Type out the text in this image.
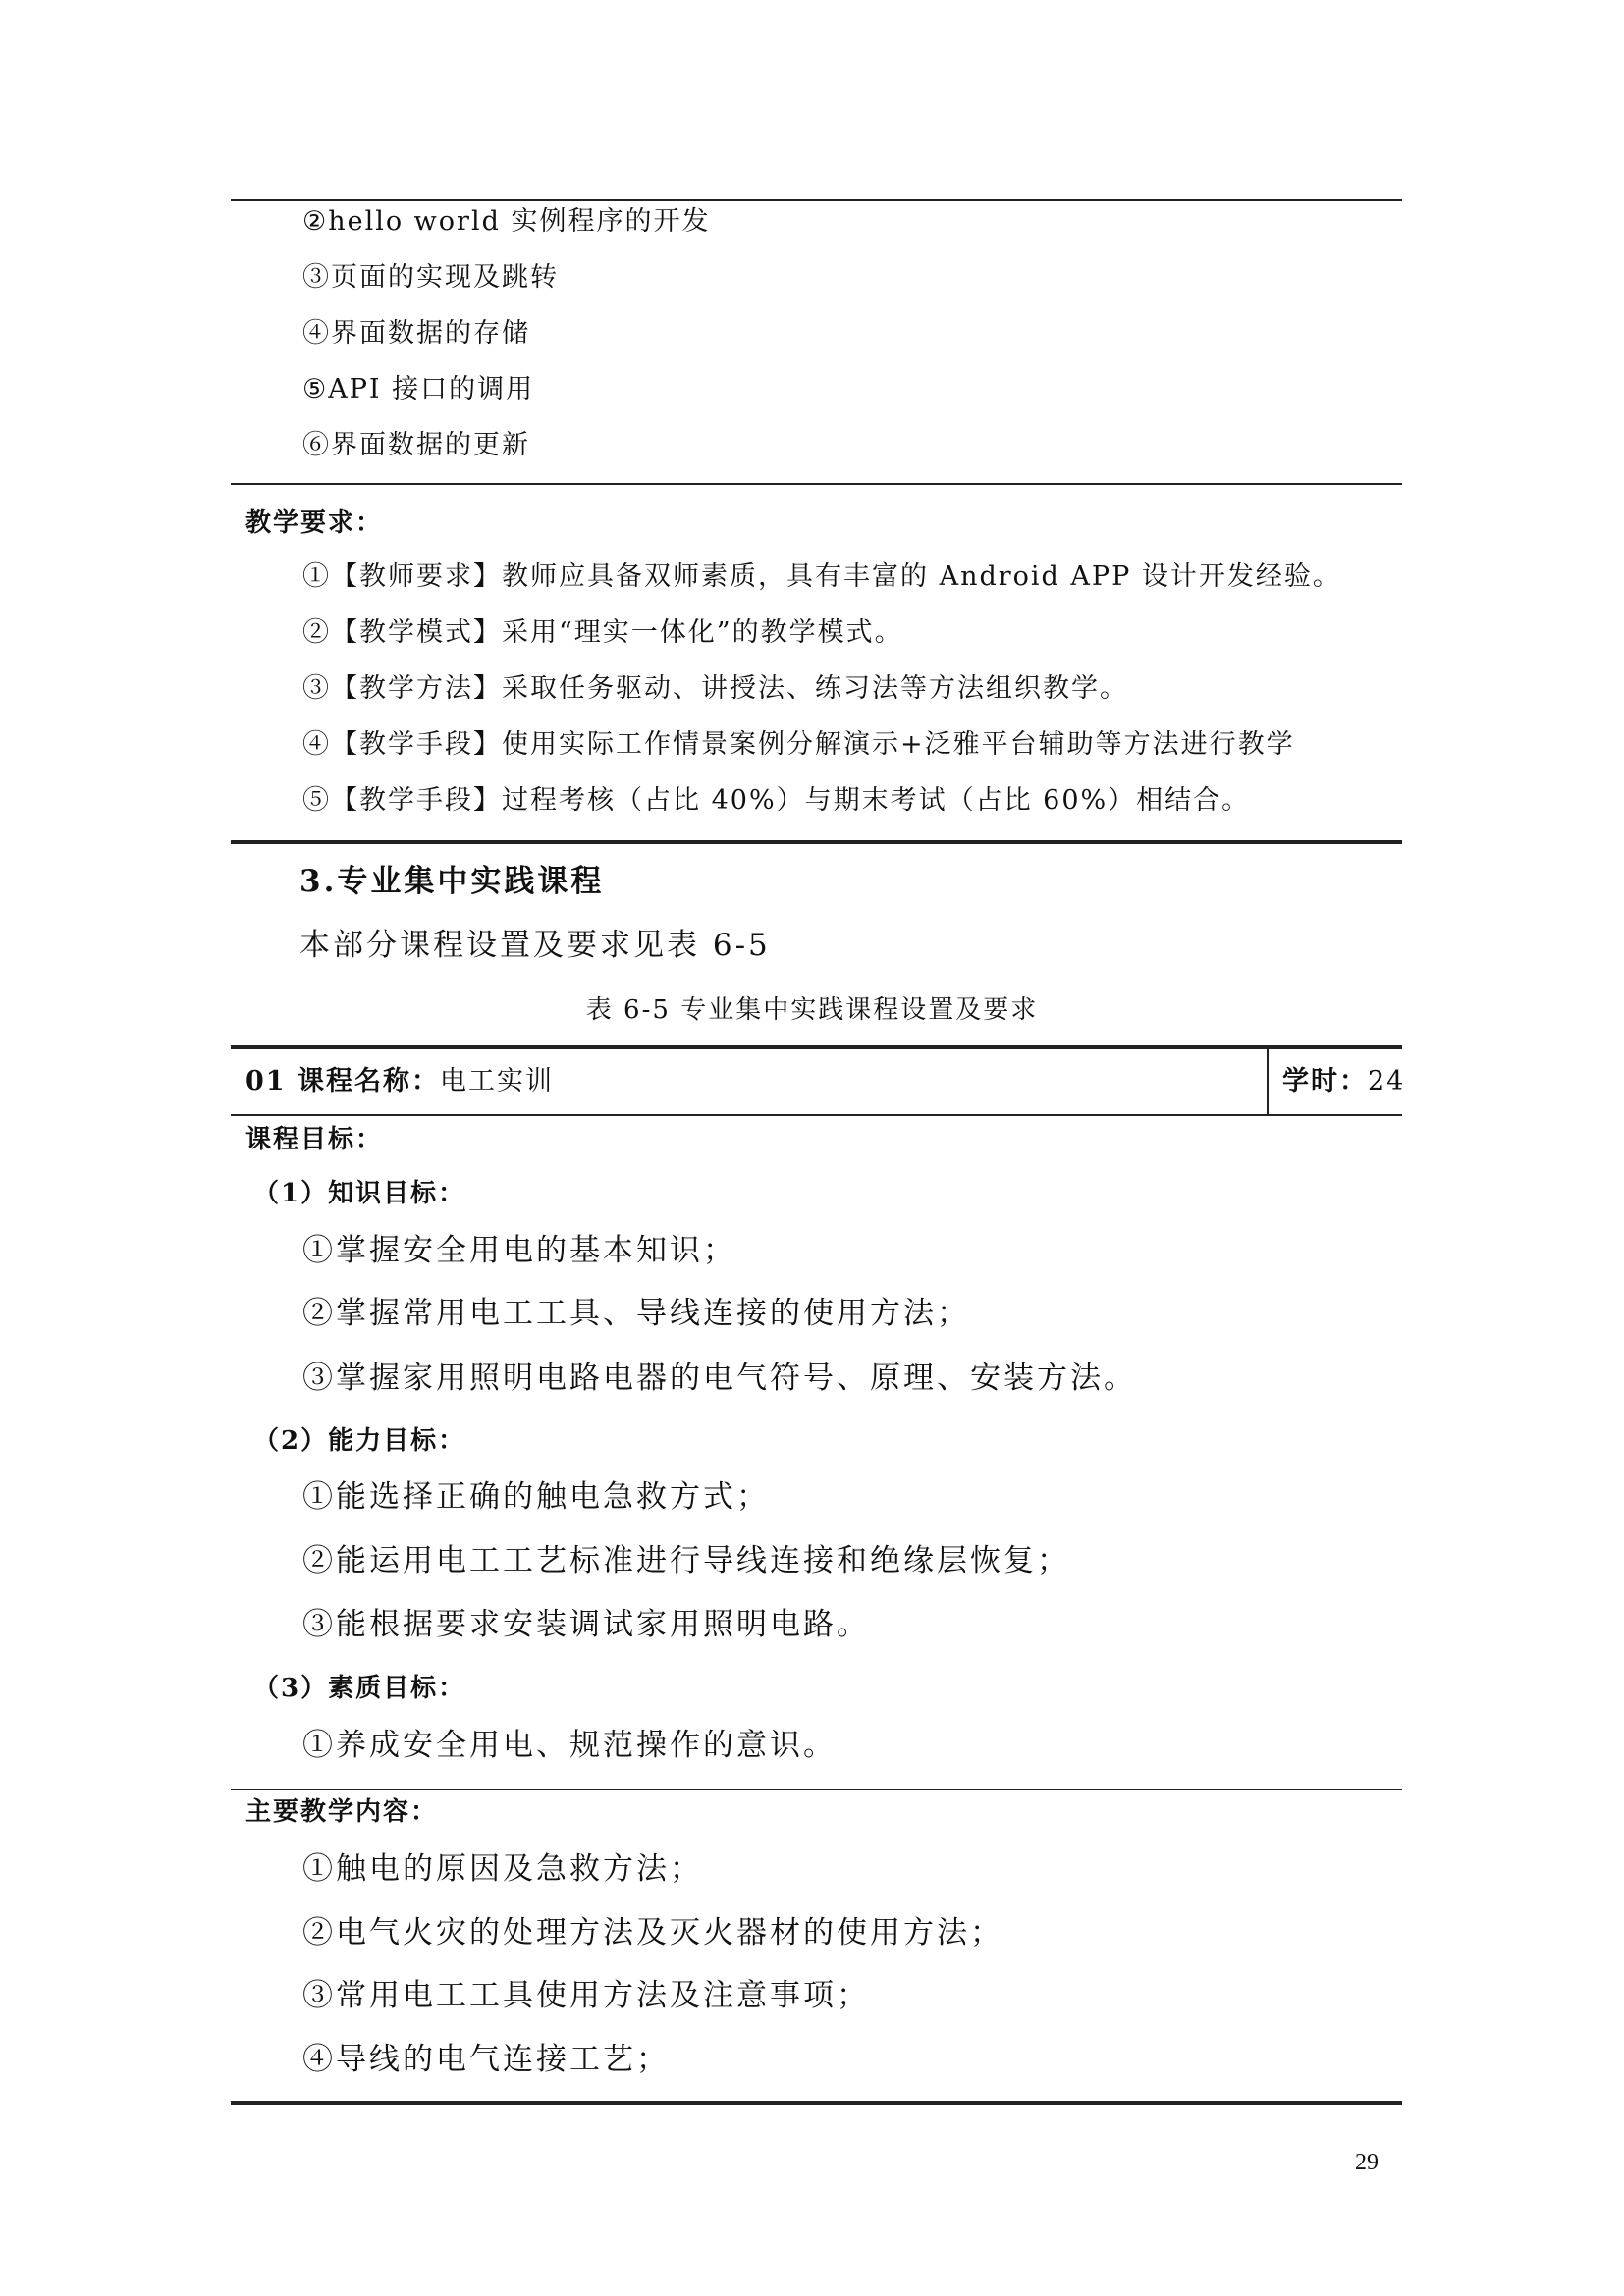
②hello world 实例程序的开发
③页面的实现及跳转
④界面数据的存储
⑤API 接口的调用
⑥界面数据的更新
教学要求：
①【教师要求】教师应具备双师素质，具有丰富的 Android APP 设计开发经验。
②【教学模式】采用“理实一体化”的教学模式。
③【教学方法】采取任务驱动、讲授法、练习法等方法组织教学。
④【教学手段】使用实际工作情景案例分解演示+泛雅平台辅助等方法进行教学
⑤【教学手段】过程考核（占比 40%）与期末考试（占比 60%）相结合。
3.专业集中实践课程
本部分课程设置及要求见表 6-5
表 6-5 专业集中实践课程设置及要求
01 课程名称：电工实训	学时：24
课程目标：
（1）知识目标：
①掌握安全用电的基本知识；
②掌握常用电工工具、导线连接的使用方法；
③掌握家用照明电路电器的电气符号、原理、安装方法。
（2）能力目标：
①能选择正确的触电急救方式；
②能运用电工工艺标准进行导线连接和绝缘层恢复；
③能根据要求安装调试家用照明电路。
（3）素质目标：
①养成安全用电、规范操作的意识。
主要教学内容：
①触电的原因及急救方法；
②电气火灾的处理方法及灭火器材的使用方法；
③常用电工工具使用方法及注意事项；
④导线的电气连接工艺；
29
